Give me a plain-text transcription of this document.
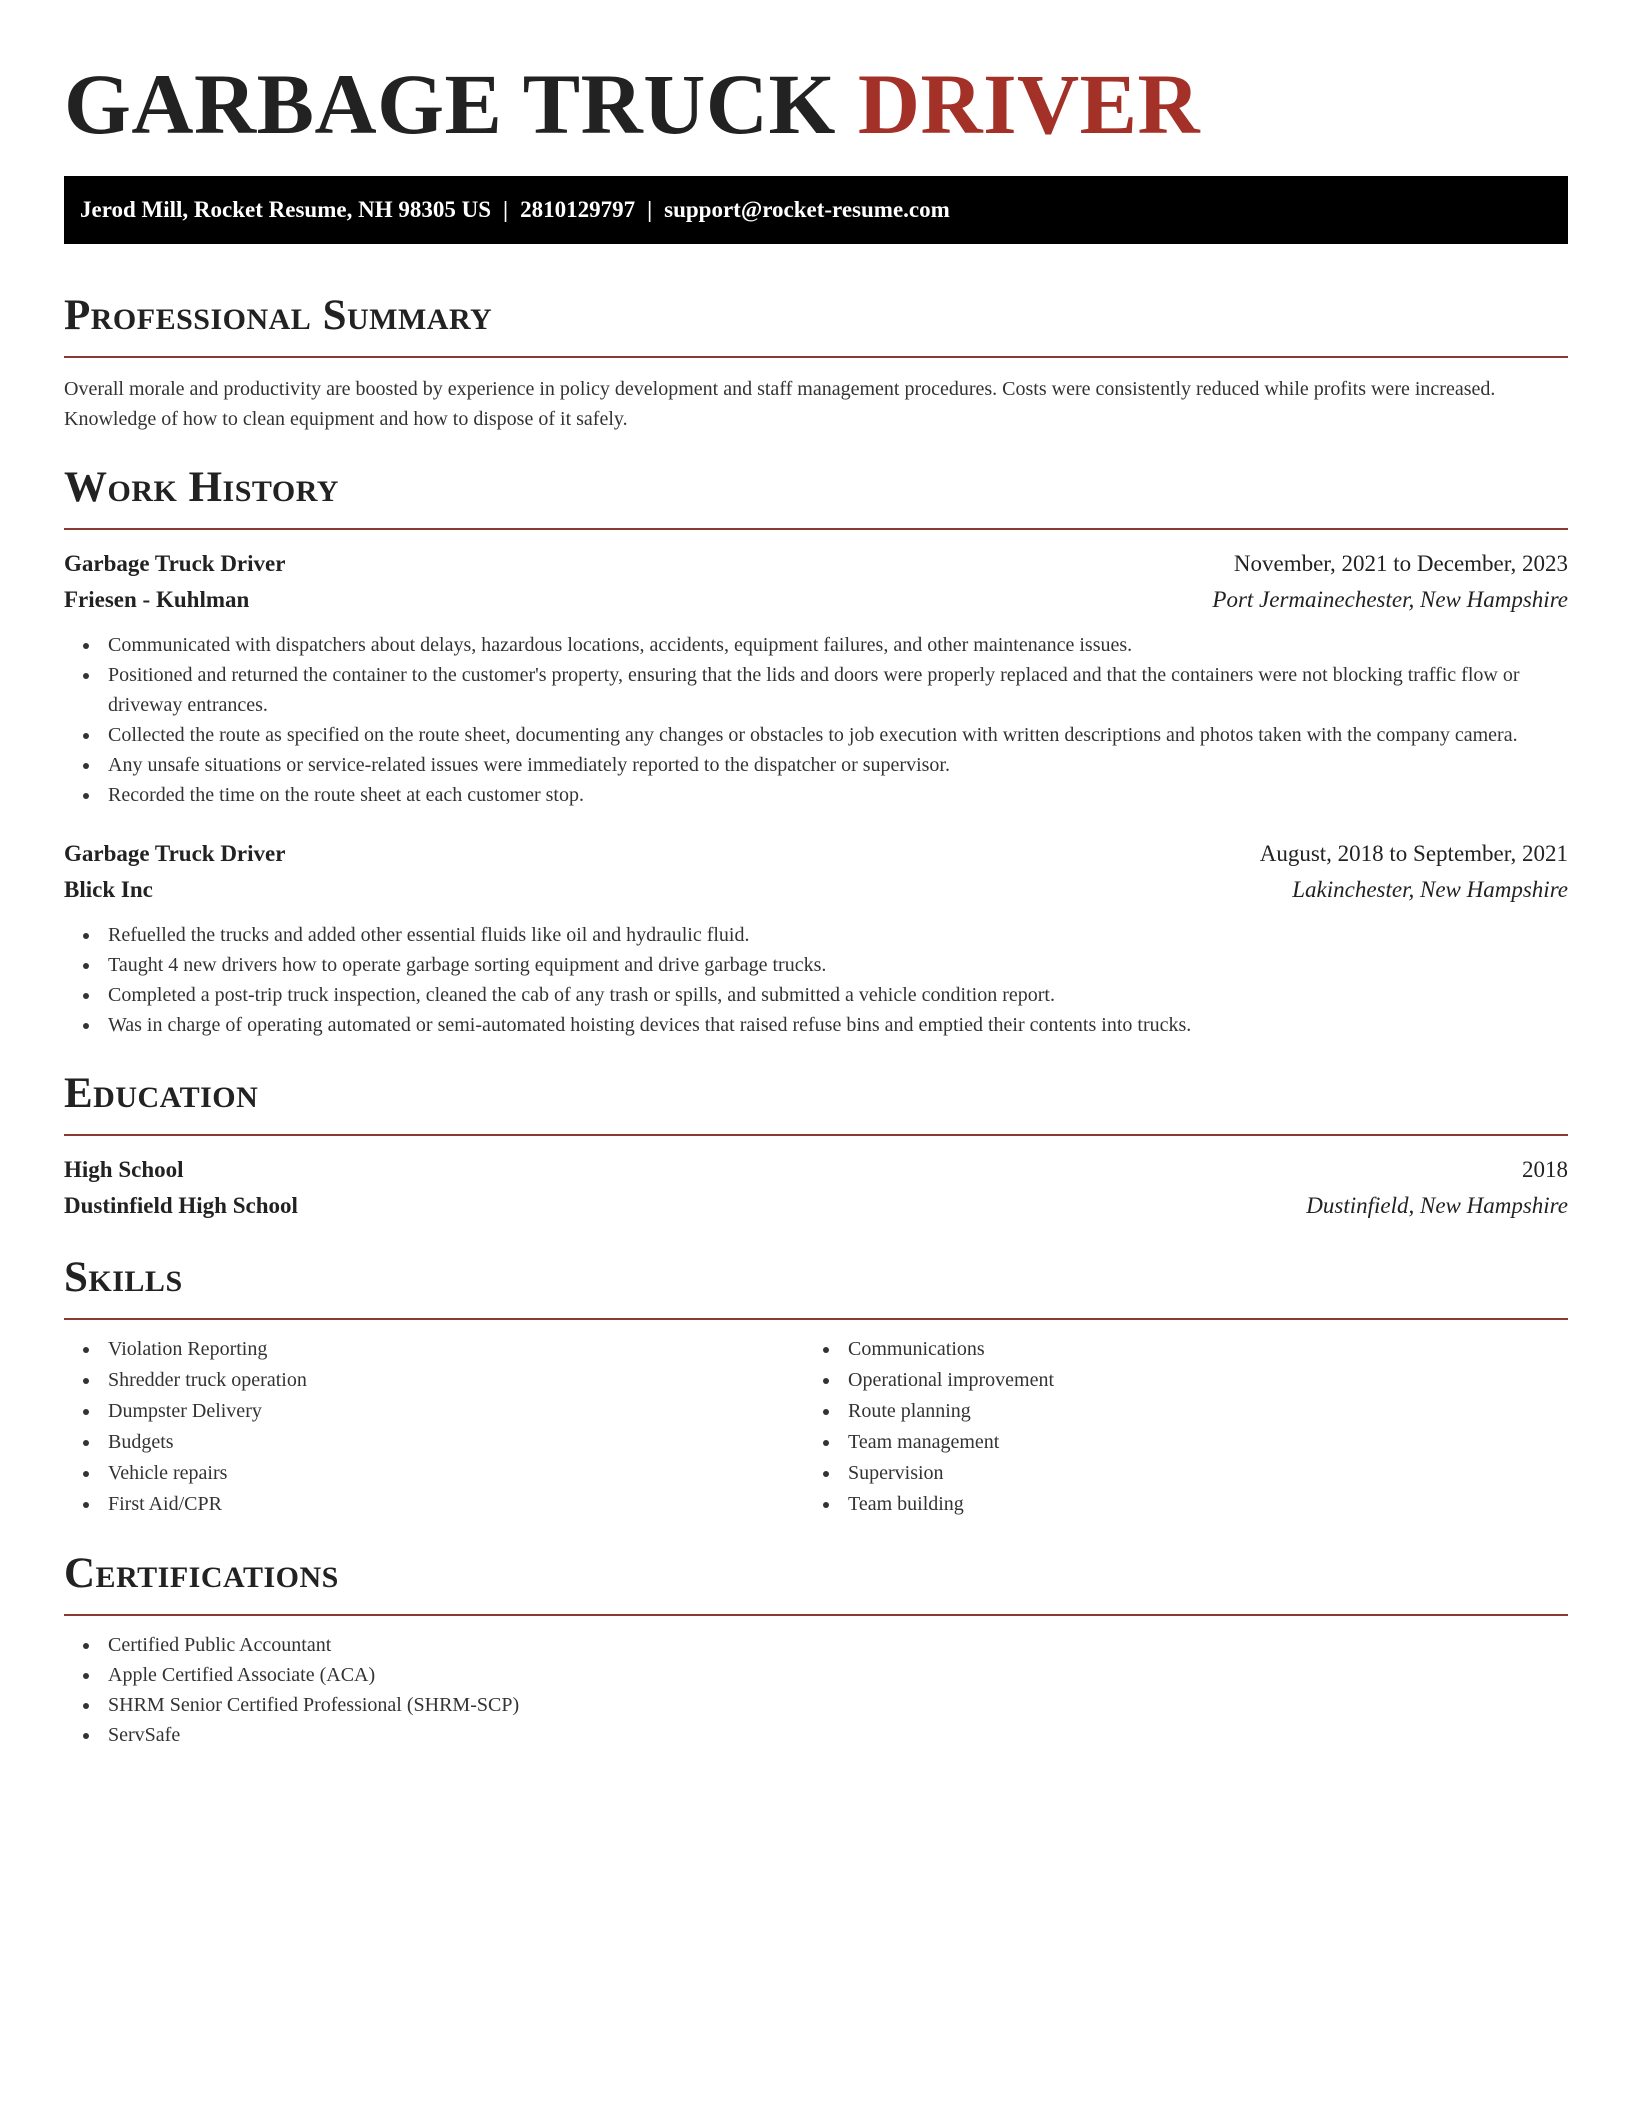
GARBAGE TRUCK DRIVER
Jerod Mill, Rocket Resume, NH 98305 US | 2810129797 | support@rocket-resume.com
Professional Summary

Overall morale and productivity are boosted by experience in policy development and staff management procedures. Costs were consistently reduced while profits were increased. Knowledge of how to clean equipment and how to dispose of it safely.

Work History
Garbage Truck Driver	November, 2021 to December, 2023
Friesen - Kuhlman	Port Jermainechester, New Hampshire
Communicated with dispatchers about delays, hazardous locations, accidents, equipment failures, and other maintenance issues.
Positioned and returned the container to the customer's property, ensuring that the lids and doors were properly replaced and that the containers were not blocking traffic flow or driveway entrances.
Collected the route as specified on the route sheet, documenting any changes or obstacles to job execution with written descriptions and photos taken with the company camera.
Any unsafe situations or service-related issues were immediately reported to the dispatcher or supervisor.
Recorded the time on the route sheet at each customer stop.
Garbage Truck Driver	August, 2018 to September, 2021
Blick Inc	Lakinchester, New Hampshire
Refuelled the trucks and added other essential fluids like oil and hydraulic fluid.
Taught 4 new drivers how to operate garbage sorting equipment and drive garbage trucks.
Completed a post-trip truck inspection, cleaned the cab of any trash or spills, and submitted a vehicle condition report.
Was in charge of operating automated or semi-automated hoisting devices that raised refuse bins and emptied their contents into trucks.
Education
High School	2018
Dustinfield High School	Dustinfield, New Hampshire
Skills
Violation Reporting
Shredder truck operation
Dumpster Delivery
Budgets
Vehicle repairs
First Aid/CPR
Communications
Operational improvement
Route planning
Team management
Supervision
Team building
Certifications
Certified Public Accountant
Apple Certified Associate (ACA)
SHRM Senior Certified Professional (SHRM-SCP)
ServSafe
